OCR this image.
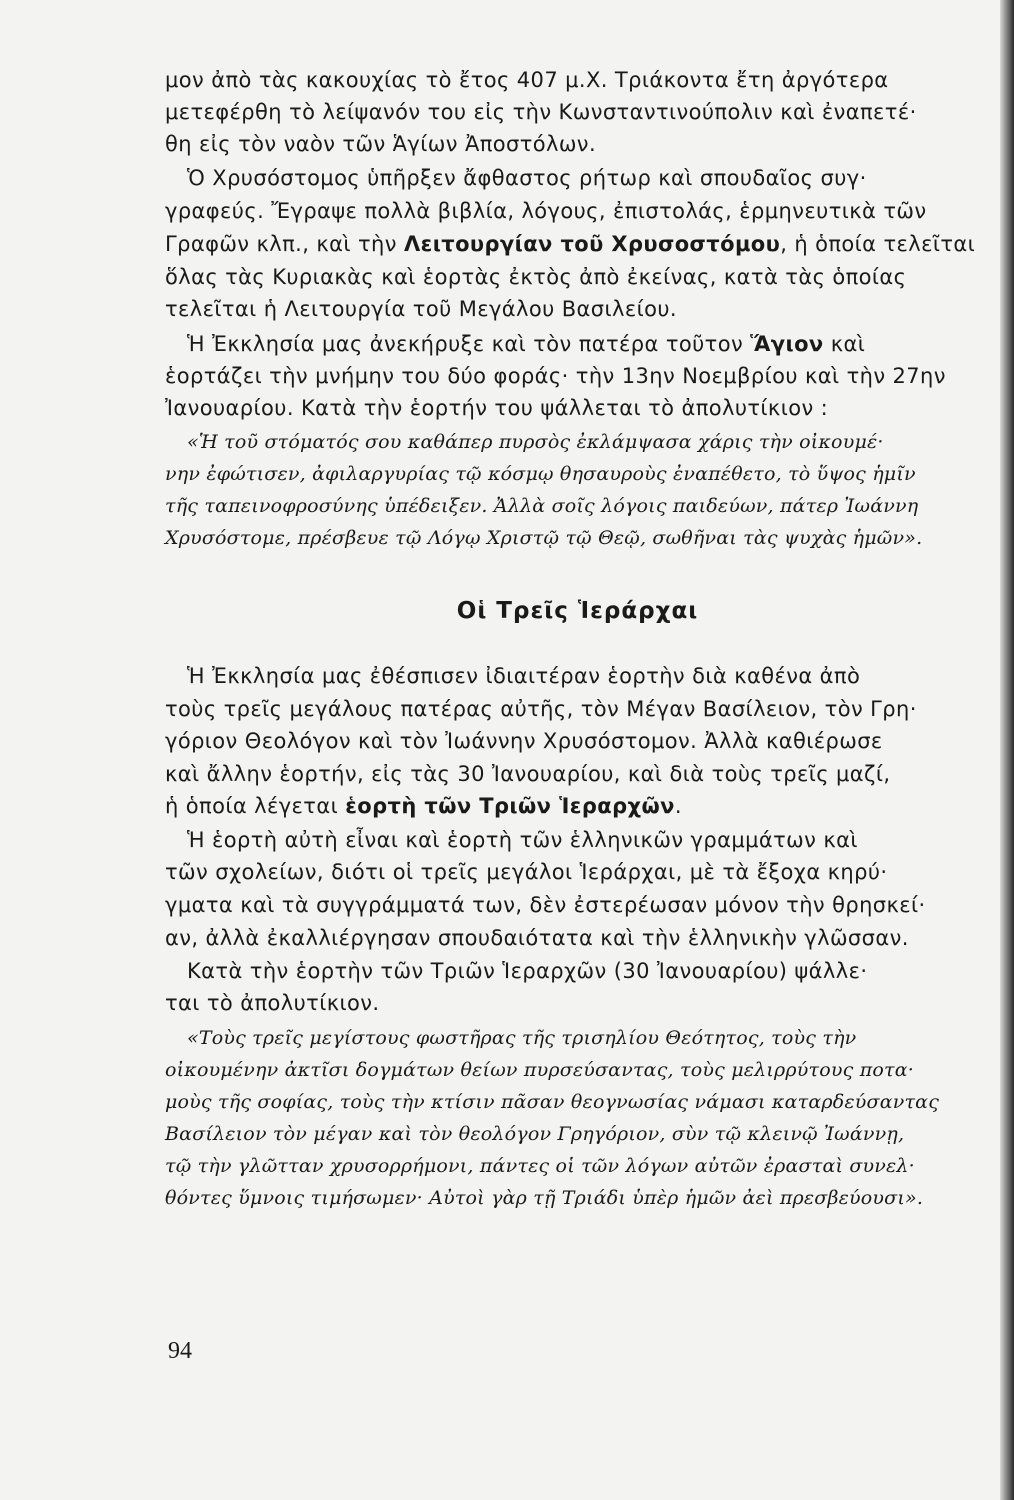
μον ἀπὸ τὰς κακουχίας τὸ ἔτος 407 μ.Χ. Τριάκοντα ἔτη ἀργότερα
μετεφέρθη τὸ λείψανόν του εἰς τὴν Κωνσταντινούπολιν καὶ ἐναπετέ·
θη εἰς τὸν ναὸν τῶν Ἁγίων Ἀποστόλων.
Ὁ Χρυσόστομος ὑπῆρξεν ἄφθαστος ρήτωρ καὶ σπουδαῖος συγ·
γραφεύς. Ἔγραψε πολλὰ βιβλία, λόγους, ἐπιστολάς, ἑρμηνευτικὰ τῶν
Γραφῶν κλπ., καὶ τὴν Λειτουργίαν τοῦ Χρυσοστόμου, ἡ ὁποία τελεῖται
ὅλας τὰς Κυριακὰς καὶ ἑορτὰς ἐκτὸς ἀπὸ ἐκείνας, κατὰ τὰς ὁποίας
τελεῖται ἡ Λειτουργία τοῦ Μεγάλου Βασιλείου.
Ἡ Ἐκκλησία μας ἀνεκήρυξε καὶ τὸν πατέρα τοῦτον Ἅγιον καὶ
ἑορτάζει τὴν μνήμην του δύο φοράς· τὴν 13ην Νοεμβρίου καὶ τὴν 27ην
Ἰανουαρίου. Κατὰ τὴν ἑορτήν του ψάλλεται τὸ ἀπολυτίκιον :
«Ἡ τοῦ στόματός σου καθάπερ πυρσὸς ἐκλάμψασα χάρις τὴν οἰκουμέ·
νην ἐφώτισεν, ἀφιλαργυρίας τῷ κόσμῳ θησαυροὺς ἐναπέθετο, τὸ ὕψος ἡμῖν
τῆς ταπεινοφροσύνης ὑπέδειξεν. Ἀλλὰ σοῖς λόγοις παιδεύων, πάτερ Ἰωάννη
Χρυσόστομε, πρέσβευε τῷ Λόγῳ Χριστῷ τῷ Θεῷ, σωθῆναι τὰς ψυχὰς ἡμῶν».
Οἱ Τρεῖς Ἱεράρχαι
Ἡ Ἐκκλησία μας ἐθέσπισεν ἰδιαιτέραν ἑορτὴν διὰ καθένα ἀπὸ
τοὺς τρεῖς μεγάλους πατέρας αὐτῆς, τὸν Μέγαν Βασίλειον, τὸν Γρη·
γόριον Θεολόγον καὶ τὸν Ἰωάννην Χρυσόστομον. Ἀλλὰ καθιέρωσε
καὶ ἄλλην ἑορτήν, εἰς τὰς 30 Ἰανουαρίου, καὶ διὰ τοὺς τρεῖς μαζί,
ἡ ὁποία λέγεται ἑορτὴ τῶν Τριῶν Ἱεραρχῶν.
Ἡ ἑορτὴ αὐτὴ εἶναι καὶ ἑορτὴ τῶν ἑλληνικῶν γραμμάτων καὶ
τῶν σχολείων, διότι οἱ τρεῖς μεγάλοι Ἱεράρχαι, μὲ τὰ ἔξοχα κηρύ·
γματα καὶ τὰ συγγράμματά των, δὲν ἐστερέωσαν μόνον τὴν θρησκεί·
αν, ἀλλὰ ἐκαλλιέργησαν σπουδαιότατα καὶ τὴν ἑλληνικὴν γλῶσσαν.
Κατὰ τὴν ἑορτὴν τῶν Τριῶν Ἱεραρχῶν (30 Ἰανουαρίου) ψάλλε·
ται τὸ ἀπολυτίκιον.
«Τοὺς τρεῖς μεγίστους φωστῆρας τῆς τρισηλίου Θεότητος, τοὺς τὴν
οἰκουμένην ἀκτῖσι δογμάτων θείων πυρσεύσαντας, τοὺς μελιρρύτους ποτα·
μοὺς τῆς σοφίας, τοὺς τὴν κτίσιν πᾶσαν θεογνωσίας νάμασι καταρδεύσαντας
Βασίλειον τὸν μέγαν καὶ τὸν θεολόγον Γρηγόριον, σὺν τῷ κλεινῷ Ἰωάννῃ,
τῷ τὴν γλῶτταν χρυσορρήμονι, πάντες οἱ τῶν λόγων αὐτῶν ἐρασταὶ συνελ·
θόντες ὕμνοις τιμήσωμεν· Αὐτοὶ γὰρ τῇ Τριάδι ὑπὲρ ἡμῶν ἀεὶ πρεσβεύουσι».
94
